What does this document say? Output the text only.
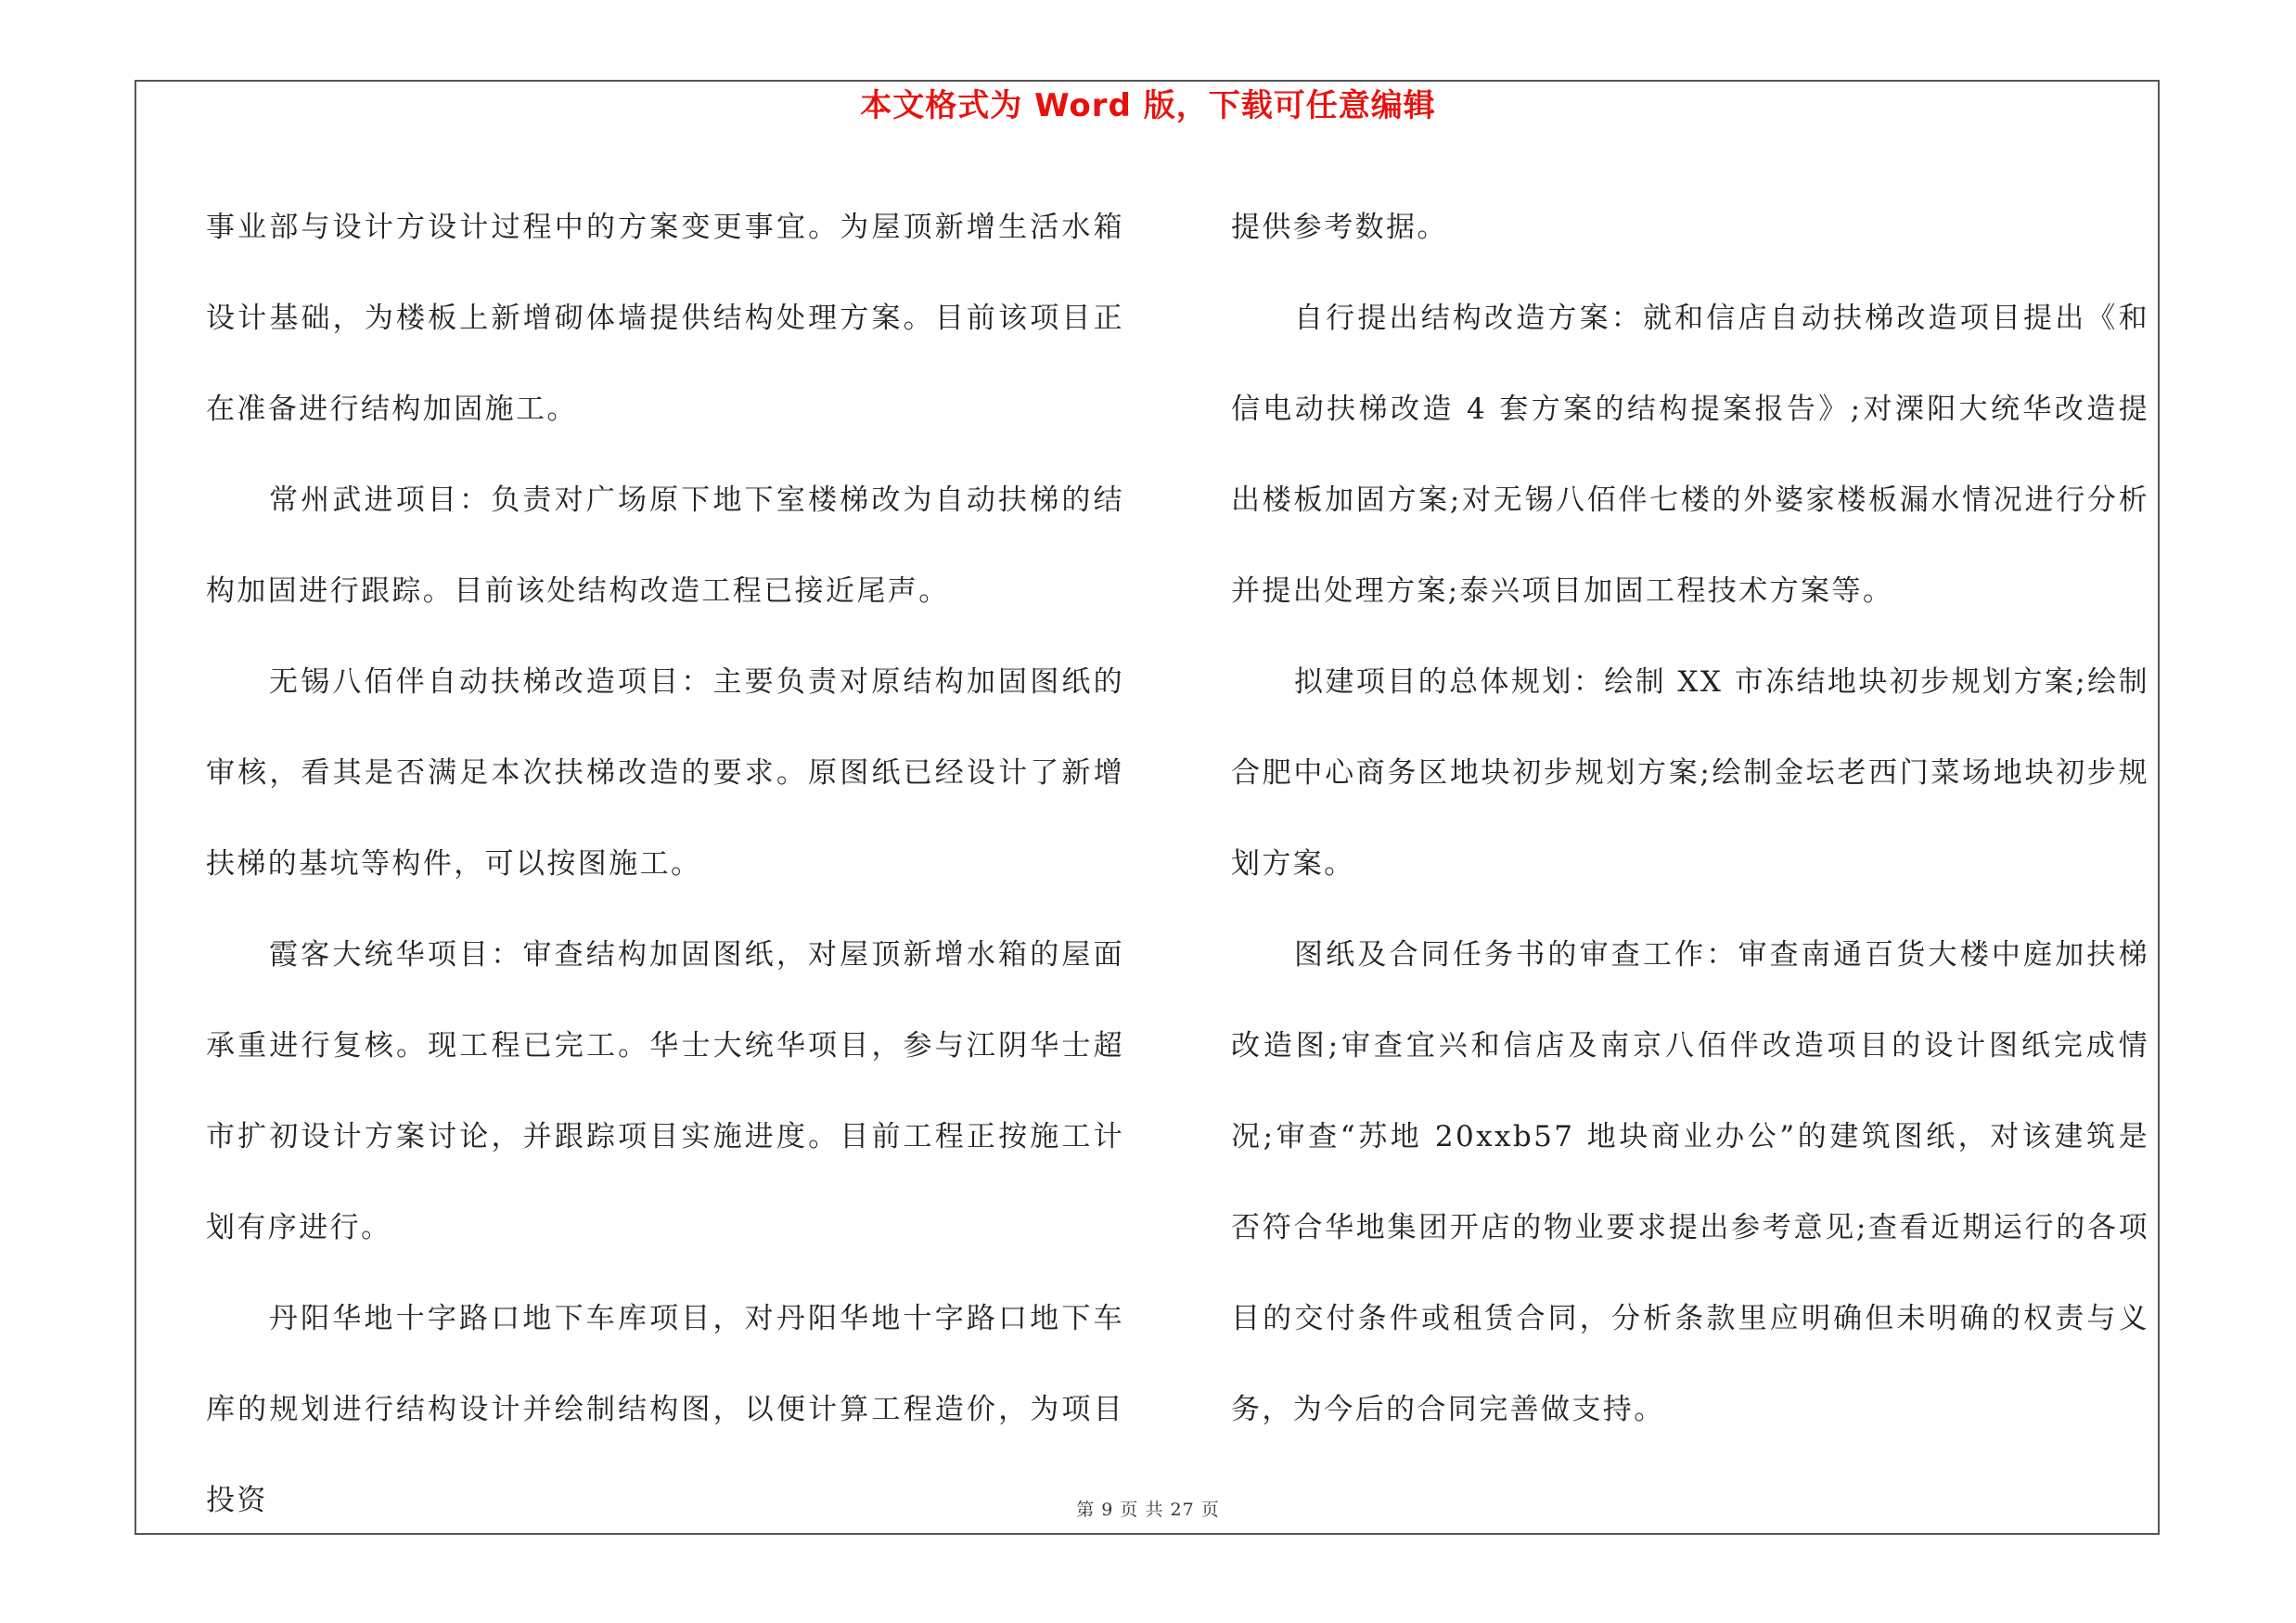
本文格式为 Word 版，下载可任意编辑

事业部与设计方设计过程中的方案变更事宜。为屋顶新增生活水箱设计基础，为楼板上新增砌体墙提供结构处理方案。目前该项目正在准备进行结构加固施工。

常州武进项目：负责对广场原下地下室楼梯改为自动扶梯的结构加固进行跟踪。目前该处结构改造工程已接近尾声。

无锡八佰伴自动扶梯改造项目：主要负责对原结构加固图纸的审核，看其是否满足本次扶梯改造的要求。原图纸已经设计了新增扶梯的基坑等构件，可以按图施工。

霞客大统华项目：审查结构加固图纸，对屋顶新增水箱的屋面承重进行复核。现工程已完工。华士大统华项目，参与江阴华士超市扩初设计方案讨论，并跟踪项目实施进度。目前工程正按施工计划有序进行。

丹阳华地十字路口地下车库项目，对丹阳华地十字路口地下车库的规划进行结构设计并绘制结构图，以便计算工程造价，为项目投资

提供参考数据。

自行提出结构改造方案：就和信店自动扶梯改造项目提出《和信电动扶梯改造 4 套方案的结构提案报告》;对溧阳大统华改造提出楼板加固方案;对无锡八佰伴七楼的外婆家楼板漏水情况进行分析并提出处理方案;泰兴项目加固工程技术方案等。

拟建项目的总体规划：绘制 XX 市冻结地块初步规划方案;绘制合肥中心商务区地块初步规划方案;绘制金坛老西门菜场地块初步规划方案。

图纸及合同任务书的审查工作：审查南通百货大楼中庭加扶梯改造图;审查宜兴和信店及南京八佰伴改造项目的设计图纸完成情况;审查“苏地 20xxb57 地块商业办公”的建筑图纸，对该建筑是否符合华地集团开店的物业要求提出参考意见;查看近期运行的各项目的交付条件或租赁合同，分析条款里应明确但未明确的权责与义务，为今后的合同完善做支持。

第 9 页 共 27 页
